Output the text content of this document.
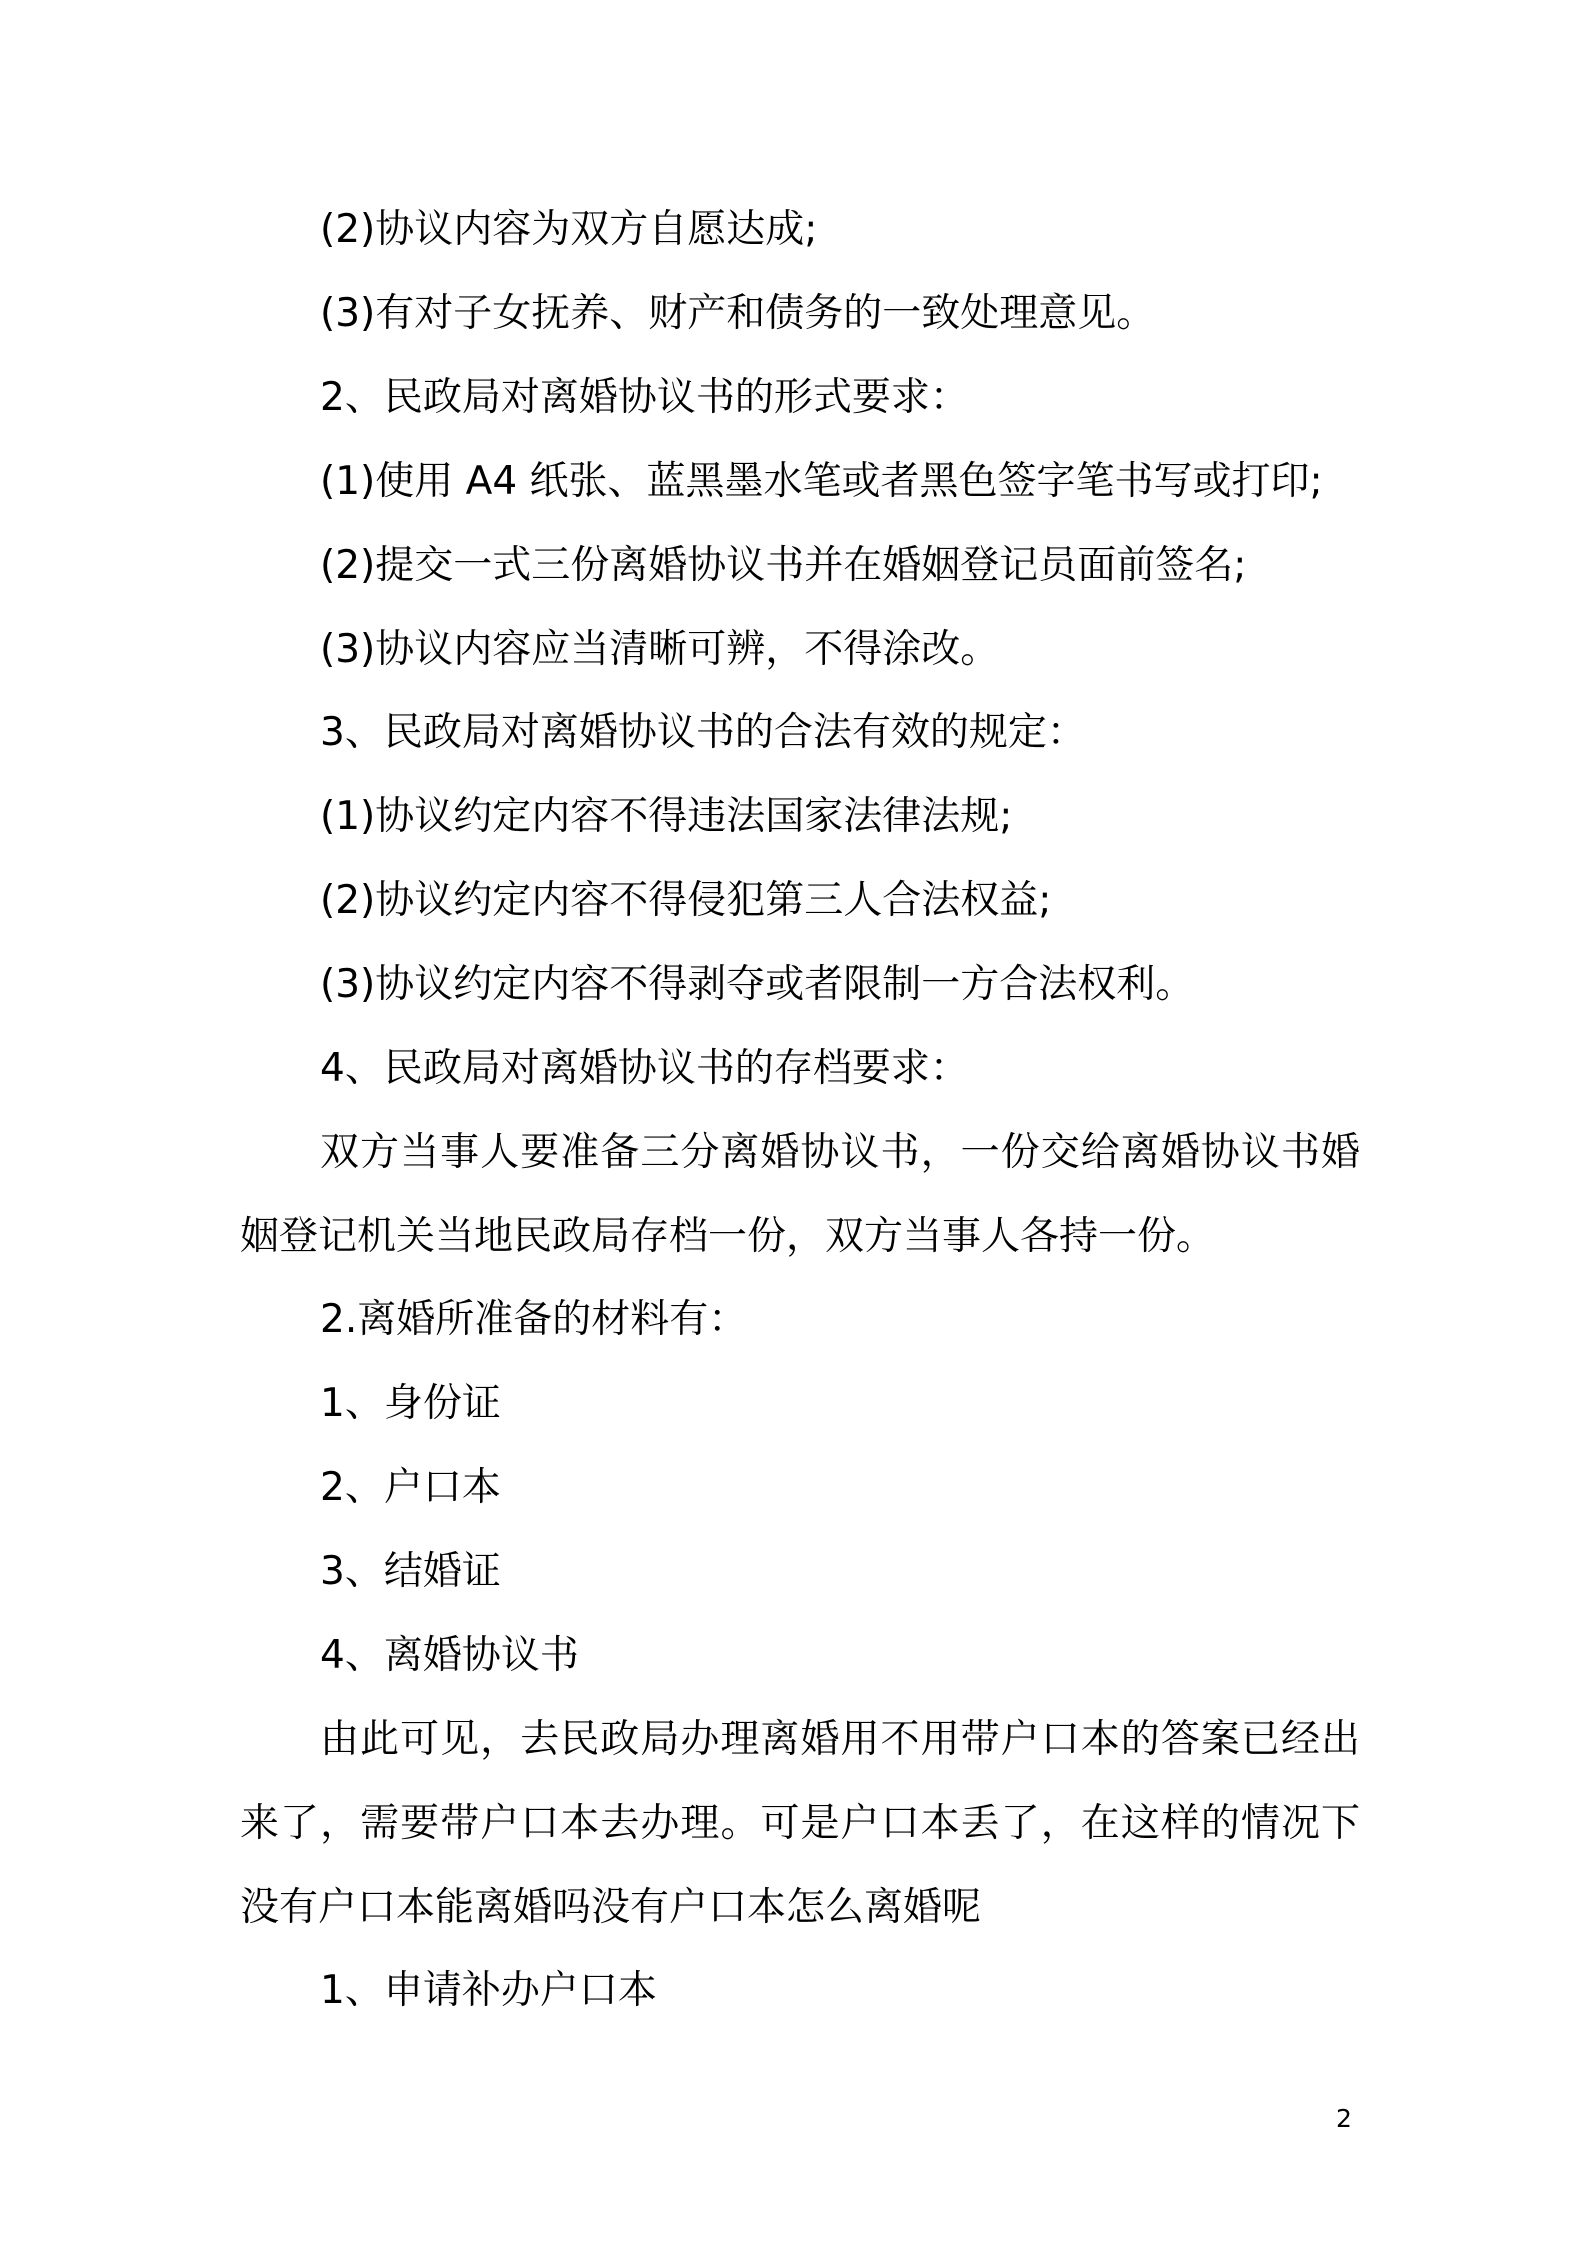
(2)协议内容为双方自愿达成;
(3)有对子女抚养、财产和债务的一致处理意见。
2、民政局对离婚协议书的形式要求：
(1)使用 A4 纸张、蓝黑墨水笔或者黑色签字笔书写或打印;
(2)提交一式三份离婚协议书并在婚姻登记员面前签名;
(3)协议内容应当清晰可辨，不得涂改。
3、民政局对离婚协议书的合法有效的规定：
(1)协议约定内容不得违法国家法律法规;
(2)协议约定内容不得侵犯第三人合法权益;
(3)协议约定内容不得剥夺或者限制一方合法权利。
4、民政局对离婚协议书的存档要求：
双方当事人要准备三分离婚协议书，一份交给离婚协议书婚姻登记机关当地民政局存档一份，双方当事人各持一份。
2.离婚所准备的材料有：
1、身份证
2、户口本
3、结婚证
4、离婚协议书
由此可见，去民政局办理离婚用不用带户口本的答案已经出来了，需要带户口本去办理。可是户口本丢了，在这样的情况下没有户口本能离婚吗没有户口本怎么离婚呢
1、申请补办户口本
2
